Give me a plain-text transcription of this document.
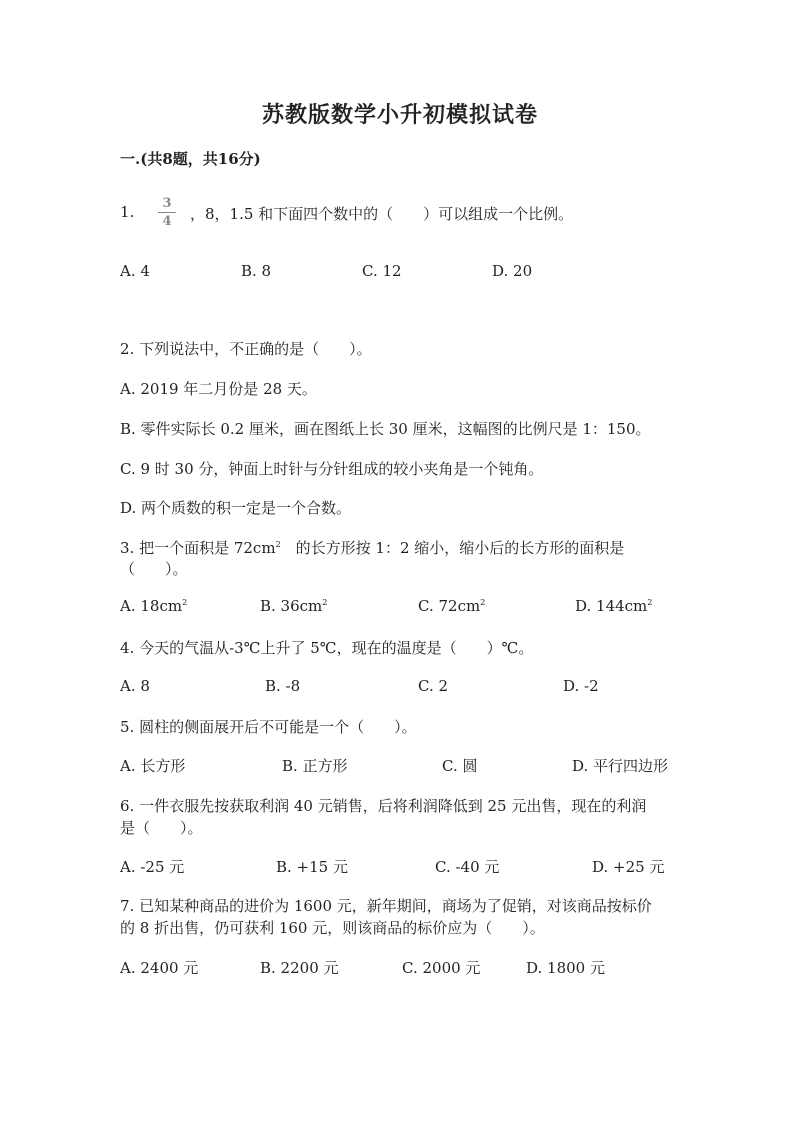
苏教版数学小升初模拟试卷
一.(共8题，共16分)
1.	3
4 ，8，1.5 和下面四个数中的（　　）可以组成一个比例。
A. 4	B. 8	C. 12	D. 20
2. 下列说法中，不正确的是（　　）。
A. 2019 年二月份是 28 天。
B. 零件实际长 0.2 厘米，画在图纸上长 30 厘米，这幅图的比例尺是 1：150。
C. 9 时 30 分，钟面上时针与分针组成的较小夹角是一个钝角。
D. 两个质数的积一定是一个合数。
3. 把一个面积是 $72cm^2$　的长方形按 1：2 缩小，缩小后的长方形的面积是
（　　）。
A. $18cm^2$	B. $36cm^2$	C. $72cm^2$	D. $144cm^2$
4. 今天的气温从-3℃上升了 5℃，现在的温度是（　　）℃。
A. 8	B. -8	C. 2	D. -2
5. 圆柱的侧面展开后不可能是一个（　　）。
A. 长方形	B. 正方形	C. 圆	D. 平行四边形
6. 一件衣服先按获取利润 40 元销售，后将利润降低到 25 元出售，现在的利润
是（　　）。
A. -25 元	B. +15 元	C. -40 元	D. +25 元
7. 已知某种商品的进价为 1600 元，新年期间，商场为了促销，对该商品按标价
的 8 折出售，仍可获利 160 元，则该商品的标价应为（　　）。
A. 2400 元	B. 2200 元	C. 2000 元	D. 1800 元
